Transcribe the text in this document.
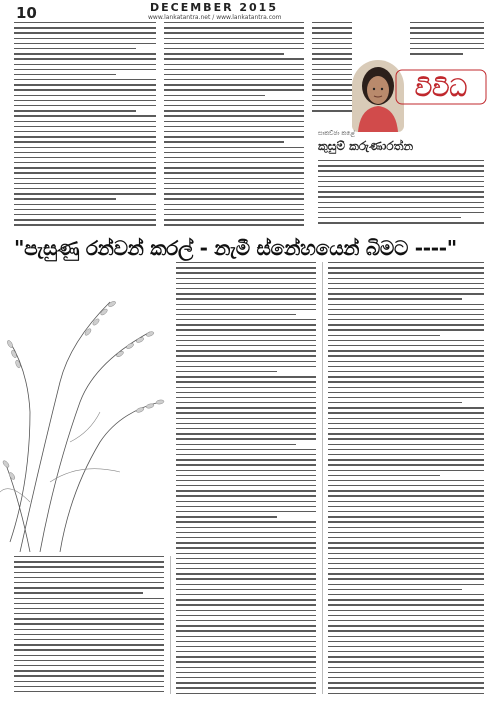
10	DECEMBER 2015
www.lankatantra.net / www.lankatantra.com
විවිධ
සාකච්ඡා කළේ
කුසුම් කරුණාරත්න
"පැසුණු රන්වන් කරල් - නැමී ස්නේහයෙන් බිමට ----"
